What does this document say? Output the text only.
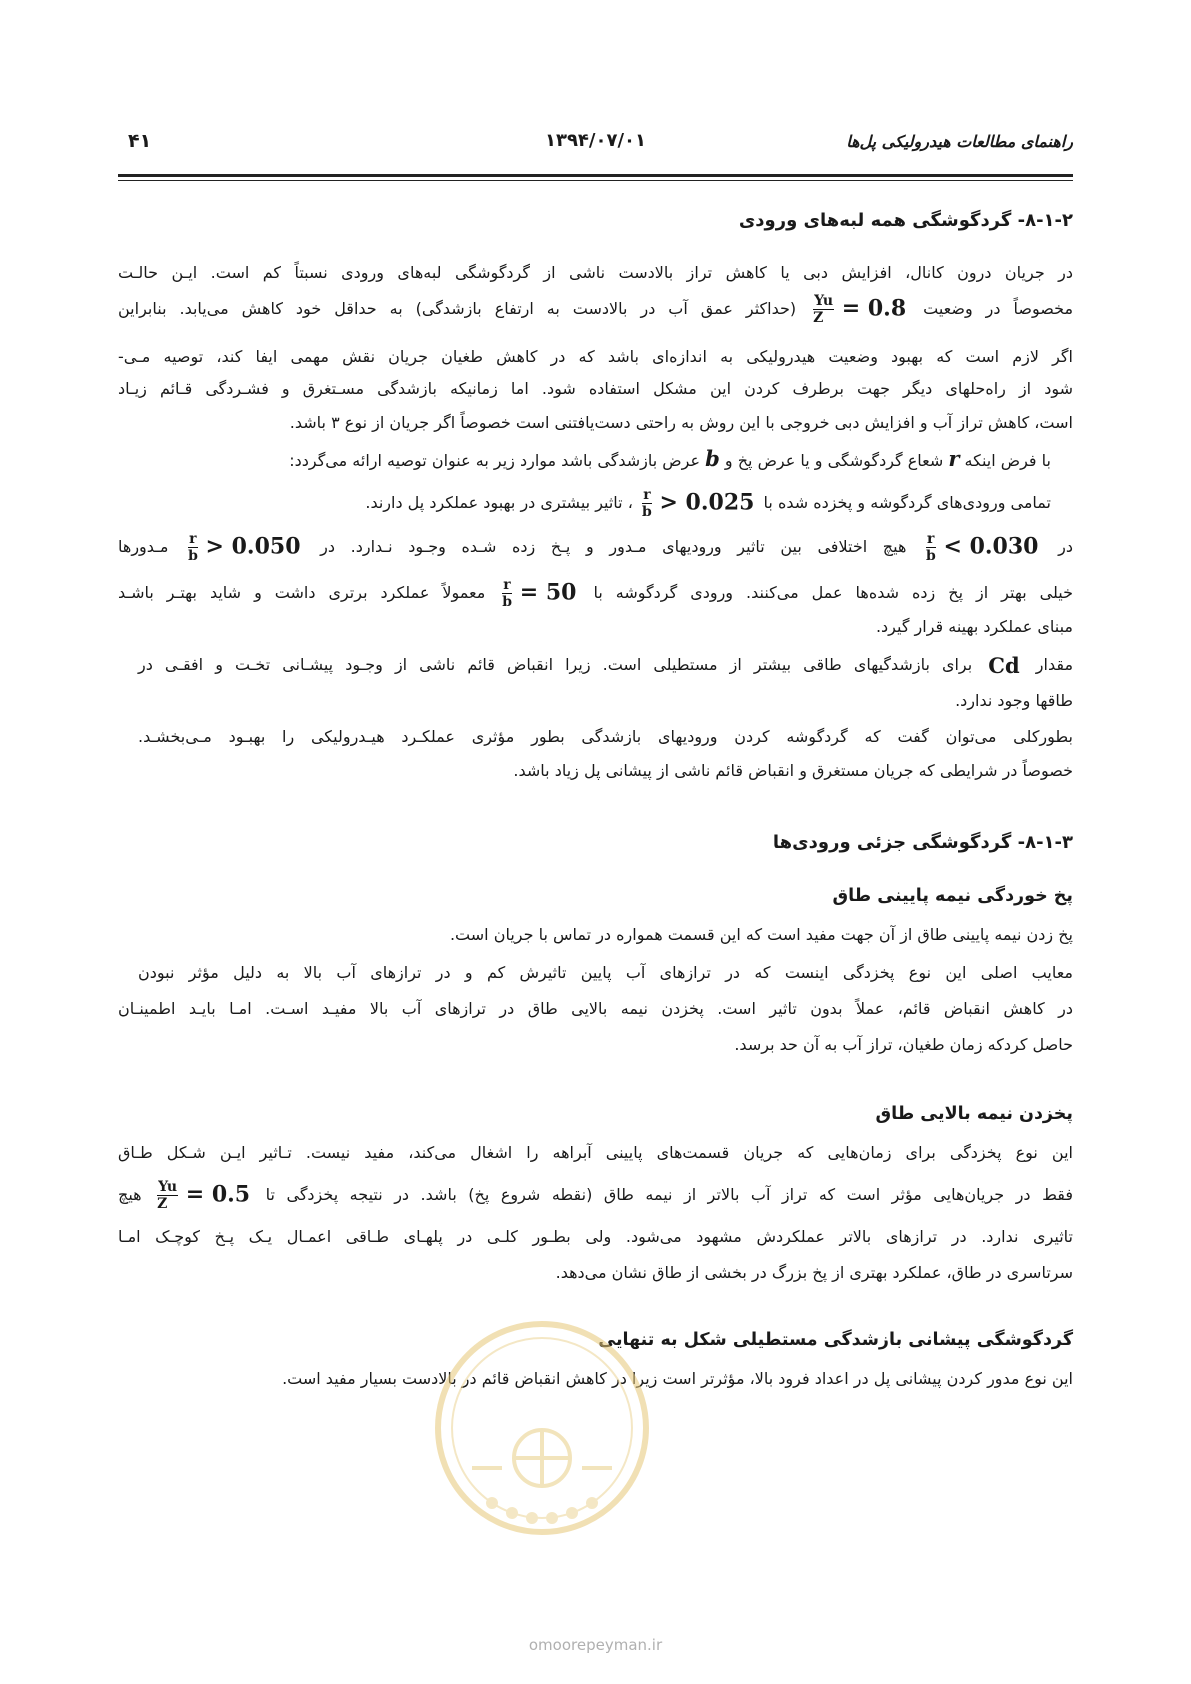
راهنمای مطالعات هیدرولیکی پل‌ها
۱۳۹۴/۰۷/۰۱
۴۱
۸-۱-۲- گردگوشگی همه لبه‌های ورودی
در جریان درون کانال، افزایش دبی یا کاهش تراز بالادست ناشی از گردگوشگی لبه‌های ورودی نسبتاً کم است. ایـن حالـت
مخصوصاً در وضعیت
$\frac{Yu}{Z} = 0.8$ (حداکثر عمق آب در بالادست به ارتفاع بازشدگی) به حداقل خود کاهش می‌یابد. بنابراین
اگر لازم است که بهبود وضعیت هیدرولیکی به اندازه‌ای باشد که در کاهش طغیان جریان نقش مهمی ایفا کند، توصیه مـی-
شود از راه‌حلهای دیگر جهت برطرف کردن این مشکل استفاده شود. اما زمانیکه بازشدگی مسـتغرق و فشـردگی قـائم زیـاد
است، کاهش تراز آب و افزایش دبی خروجی با این روش به راحتی دست‌یافتنی است خصوصاً اگر جریان از نوع ۳ باشد.
با فرض اینکه r شعاع گردگوشگی و یا عرض پخ و b عرض بازشدگی باشد موارد زیر به عنوان توصیه ارائه می‌گردد:
تمامی ورودی‌های گردگوشه و پخزده شده با
$\frac{r}{b} > 0.025$ ، تاثیر بیشتری در بهبود عملکرد پل دارند.
در
$\frac{r}{b} < 0.030$ هیچ اختلافی بین تاثیر ورودیهای مـدور و پـخ زده شـده وجـود نـدارد. در
$\frac{r}{b} > 0.050$ مـدورها
خیلی بهتر از پخ زده شده‌ها عمل می‌کنند. ورودی گردگوشه با
$\frac{r}{b} = 50$ معمولاً عملکرد برتری داشت و شاید بهتـر باشـد
مبنای عملکرد بهینه قرار گیرد.
مقدار Cd برای بازشدگیهای طاقی بیشتر از مستطیلی است. زیرا انقباض قائم ناشی از وجـود پیشـانی تخـت و افقـی در
طاقها وجود ندارد.
بطورکلی می‌توان گفت که گردگوشه کردن ورودیهای بازشدگی بطور مؤثری عملکـرد هیـدرولیکی را بهبـود مـی‌بخشـد.
خصوصاً در شرایطی که جریان مستغرق و انقباض قائم ناشی از پیشانی پل زیاد باشد.
۸-۱-۳- گردگوشگی جزئی ورودی‌ها
پخ خوردگی نیمه پایینی طاق
پخ زدن نیمه پایینی طاق از آن جهت مفید است که این قسمت همواره در تماس با جریان است.
معایب اصلی این نوع پخزدگی اینست که در ترازهای آب پایین تاثیرش کم و در ترازهای آب بالا به دلیل مؤثر نبودن
در کاهش انقباض قائم، عملاً بدون تاثیر است. پخزدن نیمه بالایی طاق در ترازهای آب بالا مفیـد اسـت. امـا بایـد اطمینـان
حاصل کردکه زمان طغیان، تراز آب به آن حد برسد.
پخزدن نیمه بالایی طاق
این نوع پخزدگی برای زمان‌هایی که جریان قسمت‌های پایینی آبراهه را اشغال می‌کند، مفید نیست. تـاثیر ایـن شـکل طـاق
فقط در جریان‌هایی مؤثر است که تراز آب بالاتر از نیمه طاق (نقطه شروع پخ) باشد. در نتیجه پخزدگی تا
$\frac{Yu}{Z} = 0.5$ هیچ
تاثیری ندارد. در ترازهای بالاتر عملکردش مشهود می‌شود. ولی بطـور کلـی در پلهـای طـاقی اعمـال یـک پـخ کوچـک امـا
سرتاسری در طاق، عملکرد بهتری از پخ بزرگ در بخشی از طاق نشان می‌دهد.
گردگوشگی پیشانی بازشدگی مستطیلی شکل به تنهایی
این نوع مدور کردن پیشانی پل در اعداد فرود بالا، مؤثرتر است زیرا در کاهش انقباض قائم در بالادست بسیار مفید است.
omoorepeyman.ir
